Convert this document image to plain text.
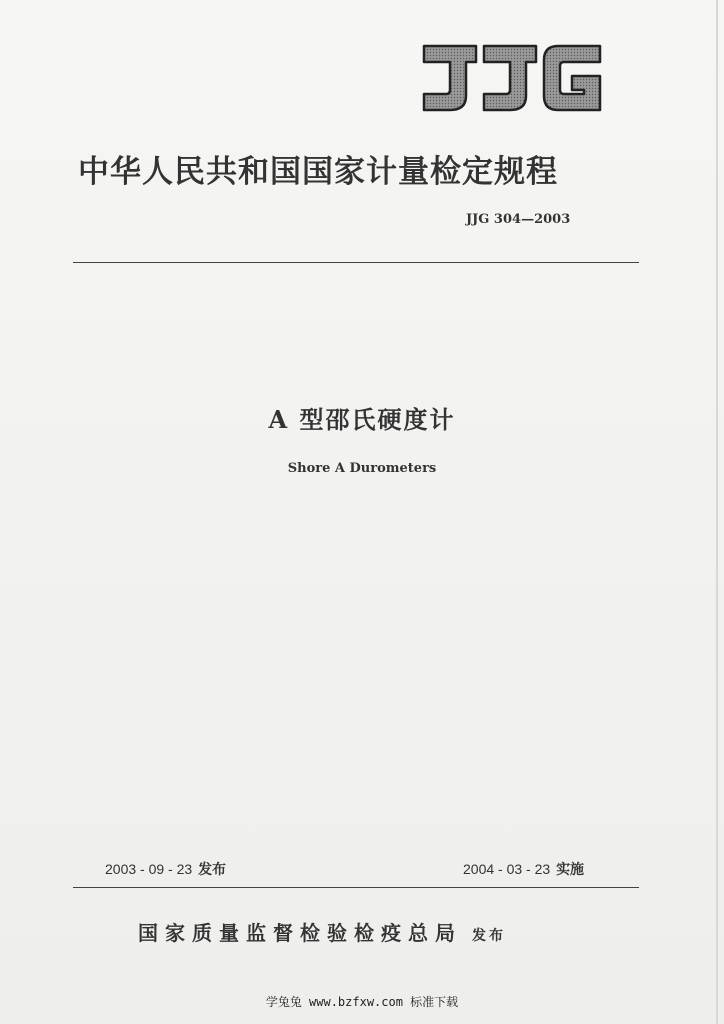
中华人民共和国国家计量检定规程
JJG 304—2003
A 型邵氏硬度计
Shore A Durometers
2003 - 09 - 23 发布	2004 - 03 - 23 实施
国家质量监督检验检疫总局 发布
学兔兔 www.bzfxw.com 标准下载
